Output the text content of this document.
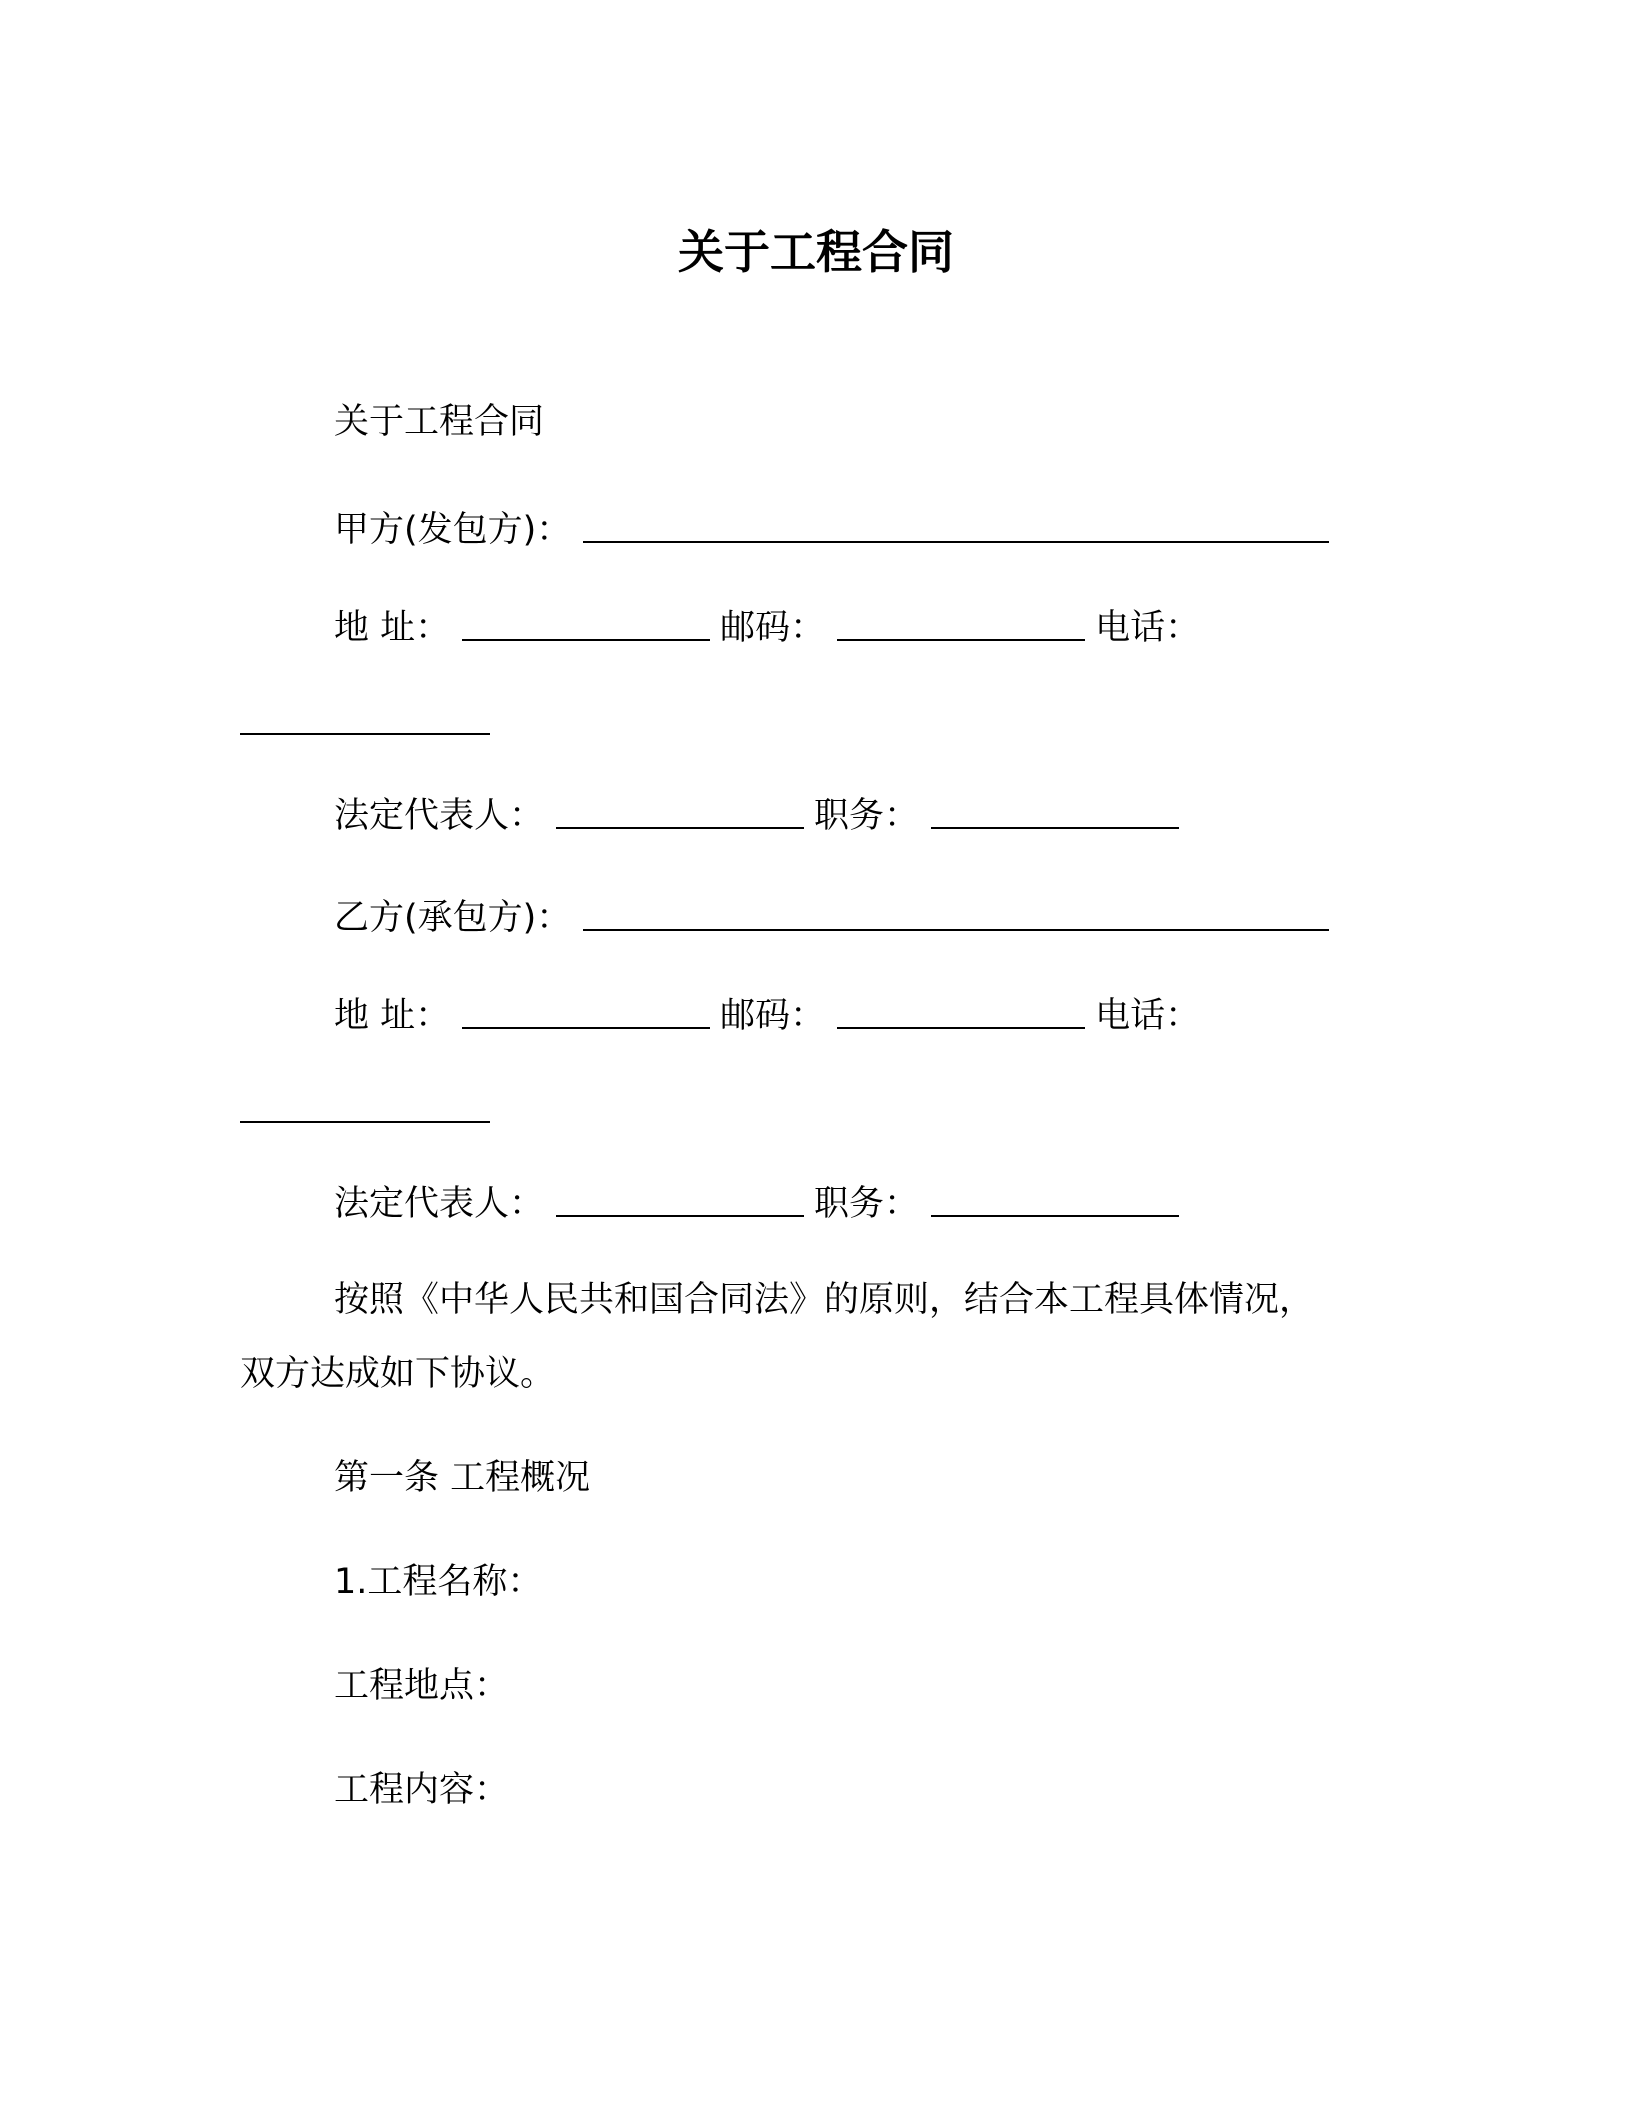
关于工程合同
关于工程合同
甲方(发包方)：
地 址：	邮码：	电话：
法定代表人：	职务：
乙方(承包方)：
地 址：	邮码：	电话：
法定代表人：	职务：
按照《中华人民共和国合同法》的原则，结合本工程具体情况，
双方达成如下协议。
第一条 工程概况
1.工程名称：
工程地点：
工程内容：
